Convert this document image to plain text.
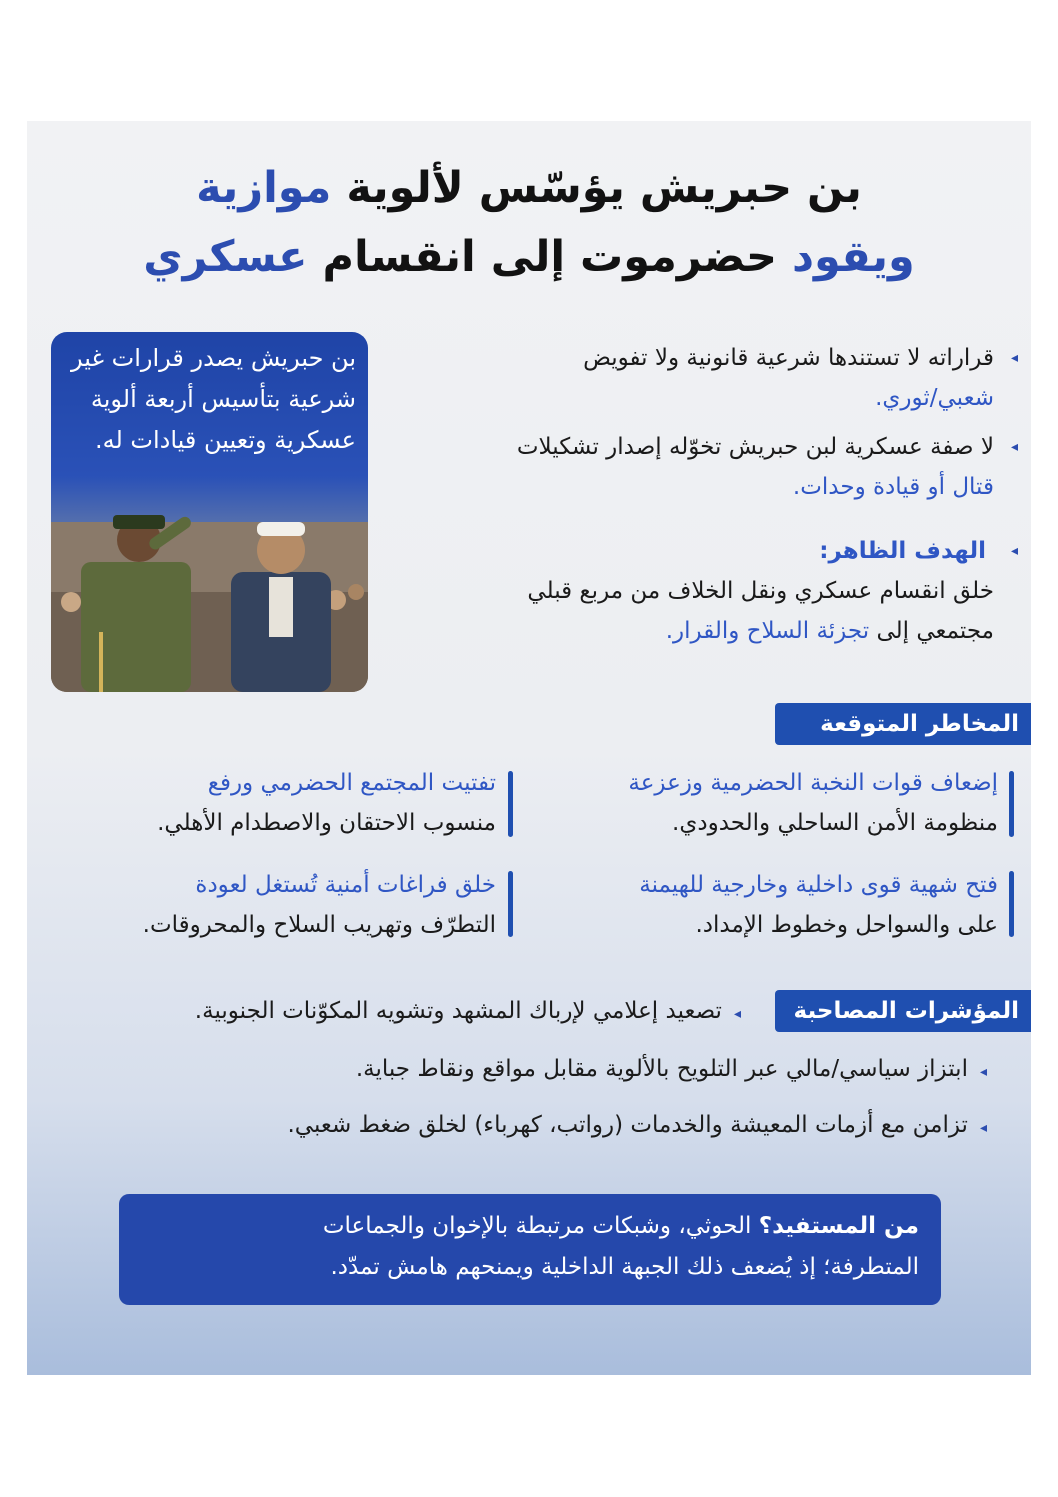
بن حبريش يؤسّس لألوية موازية
ويقود حضرموت إلى انقسام عسكري
بن حبريش يصدر قرارات غير شرعية بتأسيس أربعة ألوية عسكرية وتعيين قيادات له.
◂
قراراته لا تستندها شرعية قانونية ولا تفويض
شعبي/ثوري.
◂
لا صفة عسكرية لبن حبريش تخوّله إصدار تشكيلات
قتال أو قيادة وحدات.
◂
الهدف الظاهر:
خلق انقسام عسكري ونقل الخلاف من مربع قبلي
مجتمعي إلى تجزئة السلاح والقرار.
المخاطر المتوقعة
إضعاف قوات النخبة الحضرمية وزعزعة
منظومة الأمن الساحلي والحدودي.
تفتيت المجتمع الحضرمي ورفع
منسوب الاحتقان والاصطدام الأهلي.
فتح شهية قوى داخلية وخارجية للهيمنة
على والسواحل وخطوط الإمداد.
خلق فراغات أمنية تُستغل لعودة
التطرّف وتهريب السلاح والمحروقات.
المؤشرات المصاحبة
◂تصعيد إعلامي لإرباك المشهد وتشويه المكوّنات الجنوبية.
◂ابتزاز سياسي/مالي عبر التلويح بالألوية مقابل مواقع ونقاط جباية.
◂تزامن مع أزمات المعيشة والخدمات (رواتب، كهرباء) لخلق ضغط شعبي.
من المستفيد؟ الحوثي، وشبكات مرتبطة بالإخوان والجماعات
المتطرفة؛ إذ يُضعف ذلك الجبهة الداخلية ويمنحهم هامش تمدّد.
